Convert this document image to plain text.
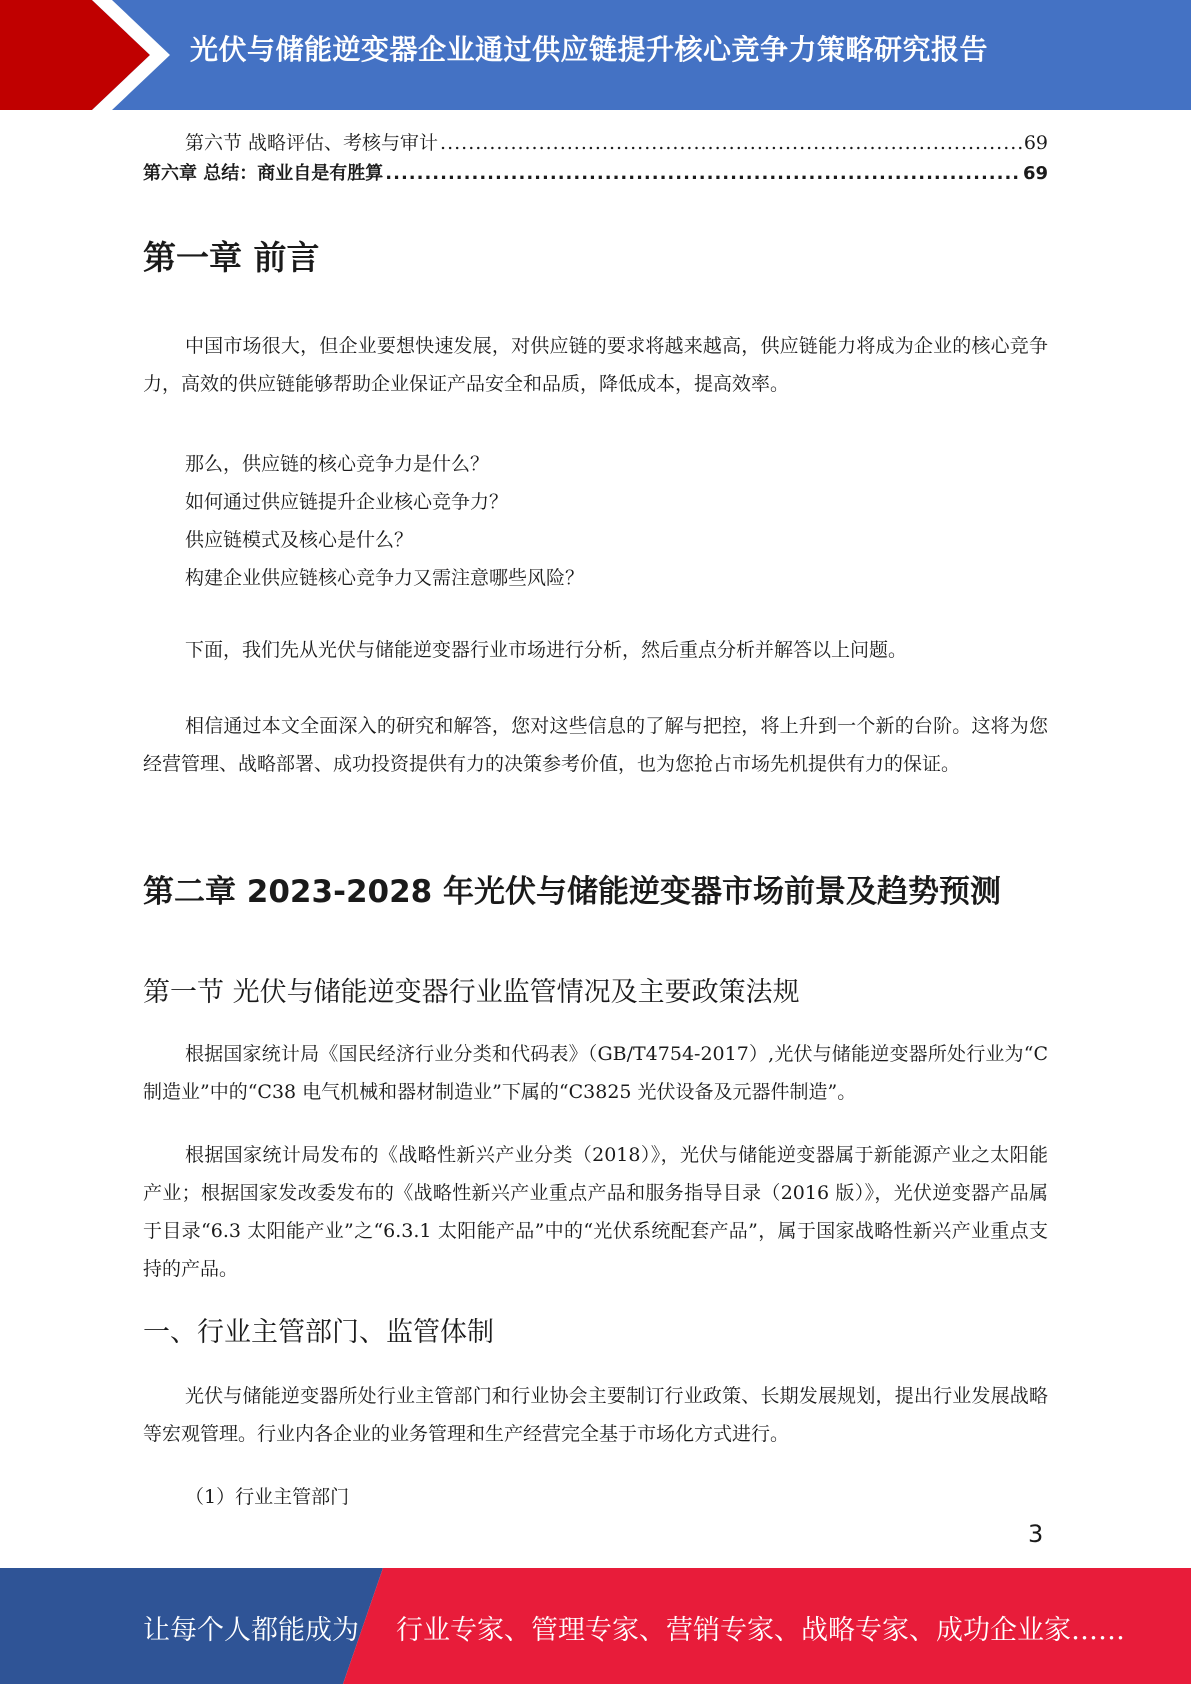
光伏与储能逆变器企业通过供应链提升核心竞争力策略研究报告
第六节 战略评估、考核与审计 .....	69
第六章 总结：商业自是有胜算 .....	69
第一章 前言

中国市场很大，但企业要想快速发展，对供应链的要求将越来越高，供应链能力将成为企业的核心竞争力，高效的供应链能够帮助企业保证产品安全和品质，降低成本，提高效率。

那么，供应链的核心竞争力是什么？
如何通过供应链提升企业核心竞争力？
供应链模式及核心是什么？
构建企业供应链核心竞争力又需注意哪些风险？

下面，我们先从光伏与储能逆变器行业市场进行分析，然后重点分析并解答以上问题。

相信通过本文全面深入的研究和解答，您对这些信息的了解与把控，将上升到一个新的台阶。这将为您经营管理、战略部署、成功投资提供有力的决策参考价值，也为您抢占市场先机提供有力的保证。

第二章 2023-2028 年光伏与储能逆变器市场前景及趋势预测
第一节 光伏与储能逆变器行业监管情况及主要政策法规

根据国家统计局《国民经济行业分类和代码表》（GB/T4754-2017）,光伏与储能逆变器所处行业为“C 制造业”中的“C38 电气机械和器材制造业”下属的“C3825 光伏设备及元器件制造”。

根据国家统计局发布的《战略性新兴产业分类（2018）》，光伏与储能逆变器属于新能源产业之太阳能产业；根据国家发改委发布的《战略性新兴产业重点产品和服务指导目录（2016 版）》，光伏逆变器产品属于目录“6.3 太阳能产业”之“6.3.1 太阳能产品”中的“光伏系统配套产品”，属于国家战略性新兴产业重点支持的产品。

一、行业主管部门、监管体制

光伏与储能逆变器所处行业主管部门和行业协会主要制订行业政策、长期发展规划，提出行业发展战略等宏观管理。行业内各企业的业务管理和生产经营完全基于市场化方式进行。

（1）行业主管部门
3
让每个人都能成为 行业专家、管理专家、营销专家、战略专家、成功企业家……
